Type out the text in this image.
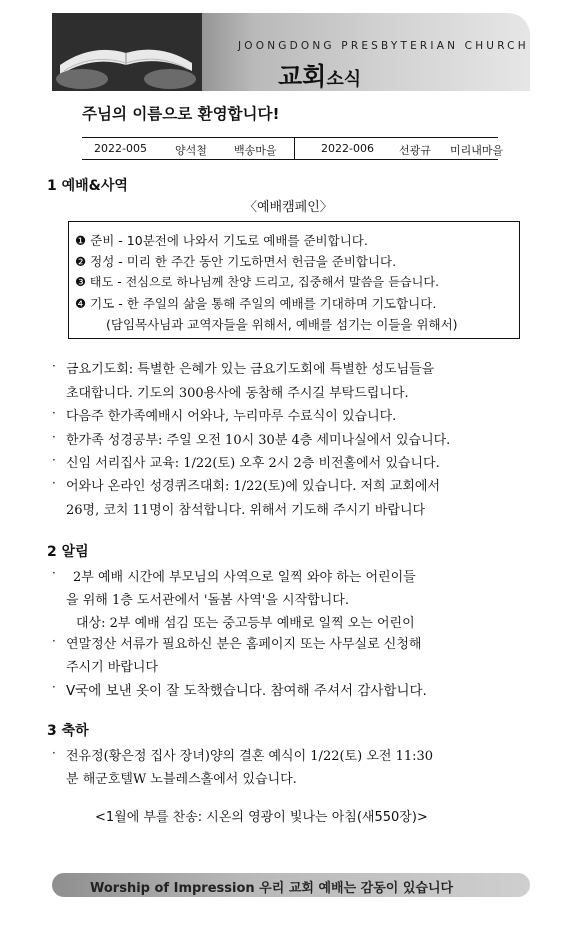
JOONGDONG PRESBYTERIAN CHURCH
교회소식
주님의 이름으로 환영합니다!
2022-005	양석철 백송마을	2022-006 선광규 미리내마을
1 예배&사역
〈예배캠페인〉
❶ 준비 - 10분전에 나와서 기도로 예배를 준비합니다.
❷ 정성 - 미리 한 주간 동안 기도하면서 헌금을 준비합니다.
❸ 태도 - 전심으로 하나님께 찬양 드리고, 집중해서 말씀을 듣습니다.
❹ 기도 - 한 주일의 삶을 통해 주일의 예배를 기대하며 기도합니다.
(담임목사님과 교역자들을 위해서, 예배를 섬기는 이들을 위해서)
· 금요기도회: 특별한 은혜가 있는 금요기도회에 특별한 성도님들을
초대합니다. 기도의 300용사에 동참해 주시길 부탁드립니다.
· 다음주 한가족예배시 어와나, 누리마루 수료식이 있습니다.
· 한가족 성경공부: 주일 오전 10시 30분 4층 세미나실에서 있습니다.
· 신임 서리집사 교육: 1/22(토) 오후 2시 2층 비전홀에서 있습니다.
· 어와나 온라인 성경퀴즈대회: 1/22(토)에 있습니다. 저희 교회에서
26명, 코치 11명이 참석합니다. 위해서 기도해 주시기 바랍니다
2 알림
· 2부 예배 시간에 부모님의 사역으로 일찍 와야 하는 어린이들
을 위해 1층 도서관에서 '돌봄 사역'을 시작합니다.
대상: 2부 예배 섬김 또는 중고등부 예배로 일찍 오는 어린이
· 연말정산 서류가 필요하신 분은 홈페이지 또는 사무실로 신청해
주시기 바랍니다
· V국에 보낸 옷이 잘 도착했습니다. 참여해 주셔서 감사합니다.
3 축하
· 전유정(황은정 집사 장녀)양의 결혼 예식이 1/22(토) 오전 11:30
분 해군호텔W 노블레스홀에서 있습니다.
<1월에 부를 찬송: 시온의 영광이 빛나는 아침(새550장)>
Worship of Impression 우리 교회 예배는 감동이 있습니다
